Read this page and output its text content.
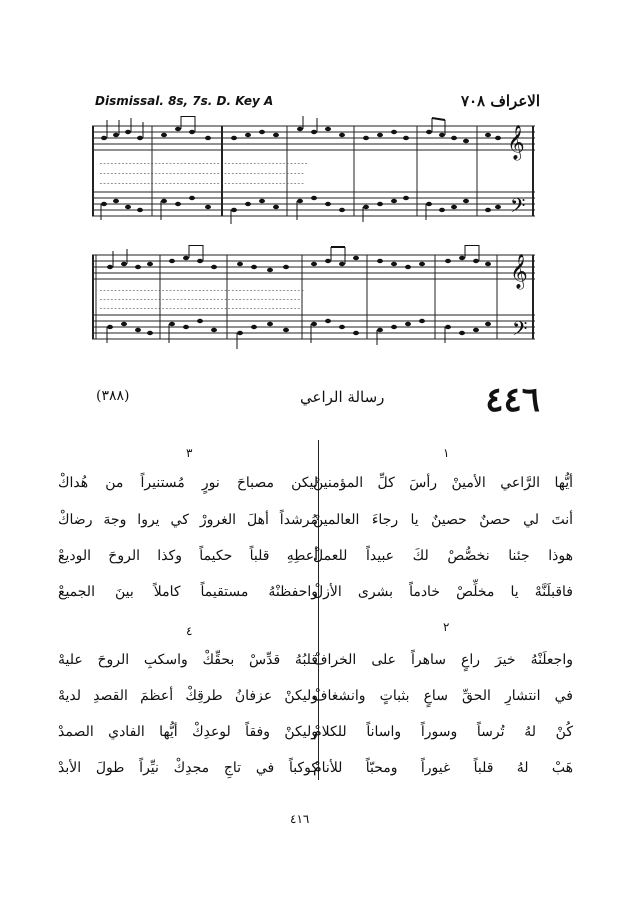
Dismissal. 8s, 7s. D. Key A	الاعراف ٧٠٨
𝄞
𝄢
ـ ـ ـ ـ ـ ـ ـ ـ ـ ـ ـ ـ ـ ـ ـ ـ ـ ـ ـ ـ ـ ـ ـ ـ ـ ـ ـ ـ ـ ـ ـ ـ ـ ـ ـ ـ ـ ـ ـ ـ ـ ـ ـ ـ ـ ـ ـ ـ ـ ـ ـ ـ ـ ـ ـ ـ ـ
ـ ـ ـ ـ ـ ـ ـ ـ ـ ـ ـ ـ ـ ـ ـ ـ ـ ـ ـ ـ ـ ـ ـ ـ ـ ـ ـ ـ ـ ـ ـ ـ ـ ـ ـ ـ ـ ـ ـ ـ ـ ـ ـ ـ ـ ـ ـ ـ ـ ـ ـ ـ ـ ـ ـ ـ
ـ ـ ـ ـ ـ ـ ـ ـ ـ ـ ـ ـ ـ ـ ـ ـ ـ ـ ـ ـ ـ ـ ـ ـ ـ ـ ـ ـ ـ ـ ـ ـ ـ ـ ـ ـ ـ ـ ـ ـ ـ ـ ـ ـ ـ ـ ـ ـ ـ ـ ـ ـ ـ ـ ـ ـ
𝄞
𝄢
ـ ـ ـ ـ ـ ـ ـ ـ ـ ـ ـ ـ ـ ـ ـ ـ ـ ـ ـ ـ ـ ـ ـ ـ ـ ـ ـ ـ ـ ـ ـ ـ ـ ـ ـ ـ ـ ـ ـ ـ ـ ـ ـ ـ ـ ـ ـ ـ ـ ـ ـ ـ ـ ـ ـ ـ
ـ ـ ـ ـ ـ ـ ـ ـ ـ ـ ـ ـ ـ ـ ـ ـ ـ ـ ـ ـ ـ ـ ـ ـ ـ ـ ـ ـ ـ ـ ـ ـ ـ ـ ـ ـ ـ ـ ـ ـ ـ ـ ـ ـ ـ ـ ـ ـ ـ ـ ـ ـ ـ ـ ـ
ـ ـ ـ ـ ـ ـ ـ ـ ـ ـ ـ ـ ـ ـ ـ ـ ـ ـ ـ ـ ـ ـ ـ ـ ـ ـ ـ ـ ـ ـ ـ ـ ـ ـ ـ ـ ـ ـ ـ ـ ـ ـ ـ ـ ـ ـ ـ ـ ـ ـ ـ ـ ـ ـ ـ
٤٤٦
رسالة الراعي
(٣٨٨)
١
أيُّها الرَّاعي الأمينْ رأسَ كلِّ المؤمنينْ
أنتَ لي حصنٌ حصينٌ يا رجاءَ العالمينْ
هوذا جئنا نخصُّصْ لكَ عبيداً للعملْ
فاقبلَنَّهْ يا مخلِّصْ خادماً بشرى الأزلْ
٢
واجعلَنْهُ خيرَ راعٍ ساهراً على الخرافْ
في انتشارِ الحقِّ ساعٍ بثباتٍ وانشغافْ
كُنْ لهُ تُرساً وسوراً واساناً للكلامْ
هَبْ لهُ قلباً غيوراً ومحبّاً للأنامْ
٣
ليكن مصباحَ نورٍ مُستنيراً من هُداكْ
مُرشداً أهلَ الغرورْ كي يروا وجهَ رضاكْ
أعطِهِ قلباً حكيماً وكذا الروحَ الوديعْ
واحفظنْهُ مستقيماً كاملاً بينَ الجميعْ
٤
قلبُهُ قدِّسْ بحقِّكْ واسكبِ الروحَ عليهْ
وليكنْ عزفانُ طرقِكْ أعظمَ القصدِ لديهْ
وليكنْ وفقاً لوعدِكْ أيُّها الفادي الصمدْ
كوكباً في تاجِ مجدِكْ نيِّراً طولَ الأبدْ
٤١٦
